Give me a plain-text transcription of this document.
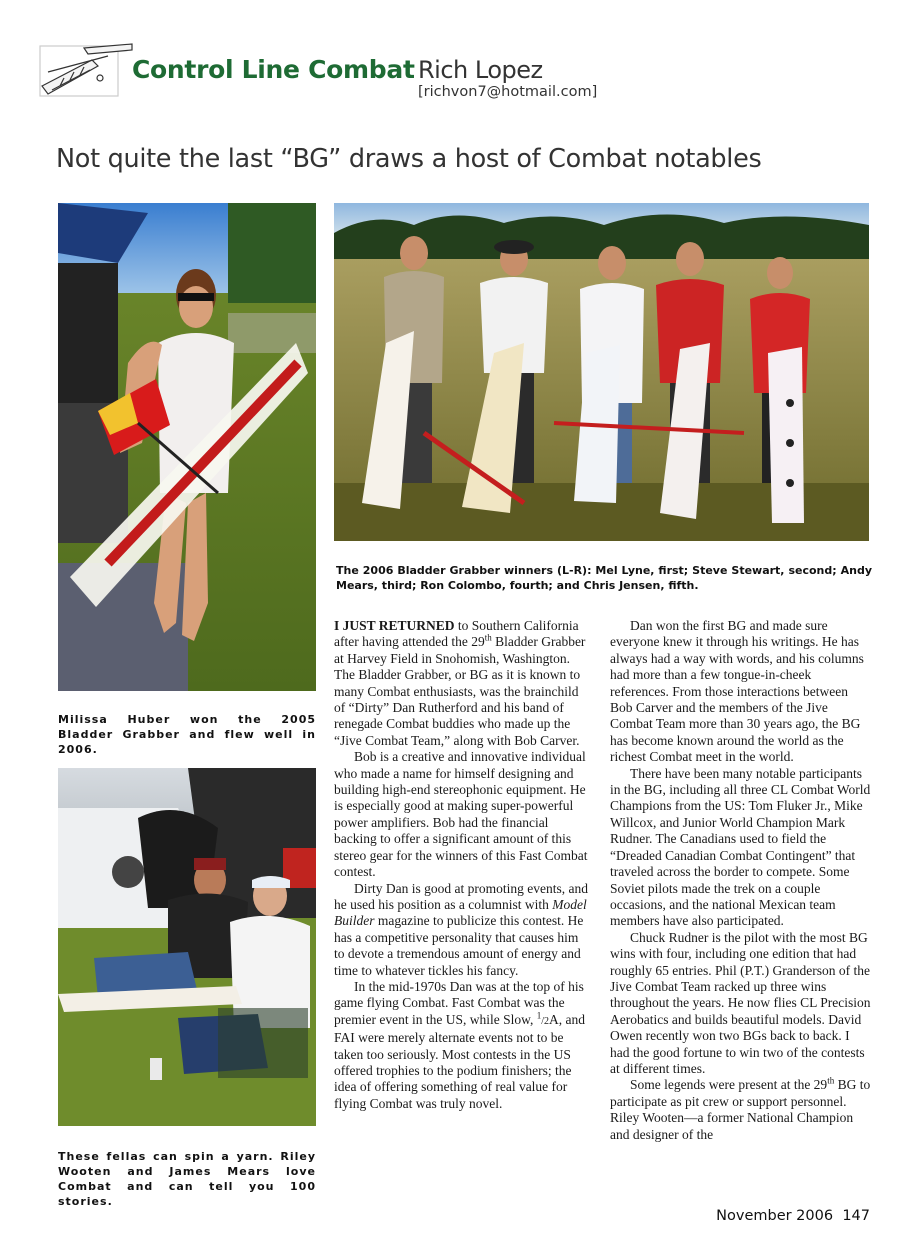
Control Line Combat Rich Lopez
[richvon7@hotmail.com]
Not quite the last “BG” draws a host of Combat notables
Milissa Huber won the 2005 Bladder Grabber and flew well in 2006.
The 2006 Bladder Grabber winners (L-R): Mel Lyne, first; Steve Stewart, second; Andy Mears, third; Ron Colombo, fourth; and Chris Jensen, fifth.
These fellas can spin a yarn. Riley Wooten and James Mears love Combat and can tell you 100 stories.

I JUST RETURNED to Southern California after having attended the 29th Bladder Grabber at Harvey Field in Snohomish, Washington. The Bladder Grabber, or BG as it is known to many Combat enthusiasts, was the brainchild of “Dirty” Dan Rutherford and his band of renegade Combat buddies who made up the “Jive Combat Team,” along with Bob Carver.

Bob is a creative and innovative individual who made a name for himself designing and building high-end stereophonic equipment. He is especially good at making super-powerful power amplifiers. Bob had the financial backing to offer a significant amount of this stereo gear for the winners of this Fast Combat contest.

Dirty Dan is good at promoting events, and he used his position as a columnist with Model Builder magazine to publicize this contest. He has a competitive personality that causes him to devote a tremendous amount of energy and time to whatever tickles his fancy.

In the mid-1970s Dan was at the top of his game flying Combat. Fast Combat was the premier event in the US, while Slow, $^1$/2A, and FAI were merely alternate events not to be taken too seriously. Most contests in the US offered trophies to the podium finishers; the idea of offering something of real value for flying Combat was truly novel.

Dan won the first BG and made sure everyone knew it through his writings. He has always had a way with words, and his columns had more than a few tongue-in-cheek references. From those interactions between Bob Carver and the members of the Jive Combat Team more than 30 years ago, the BG has become known around the world as the richest Combat meet in the world.

There have been many notable participants in the BG, including all three CL Combat World Champions from the US: Tom Fluker Jr., Mike Willcox, and Junior World Champion Mark Rudner. The Canadians used to field the “Dreaded Canadian Combat Contingent” that traveled across the border to compete. Some Soviet pilots made the trek on a couple occasions, and the national Mexican team members have also participated.

Chuck Rudner is the pilot with the most BG wins with four, including one edition that had roughly 65 entries. Phil (P.T.) Granderson of the Jive Combat Team racked up three wins throughout the years. He now flies CL Precision Aerobatics and builds beautiful models. David Owen recently won two BGs back to back. I had the good fortune to win two of the contests at different times.

Some legends were present at the 29th BG to participate as pit crew or support personnel. Riley Wooten—a former National Champion and designer of the

November 2006 147
